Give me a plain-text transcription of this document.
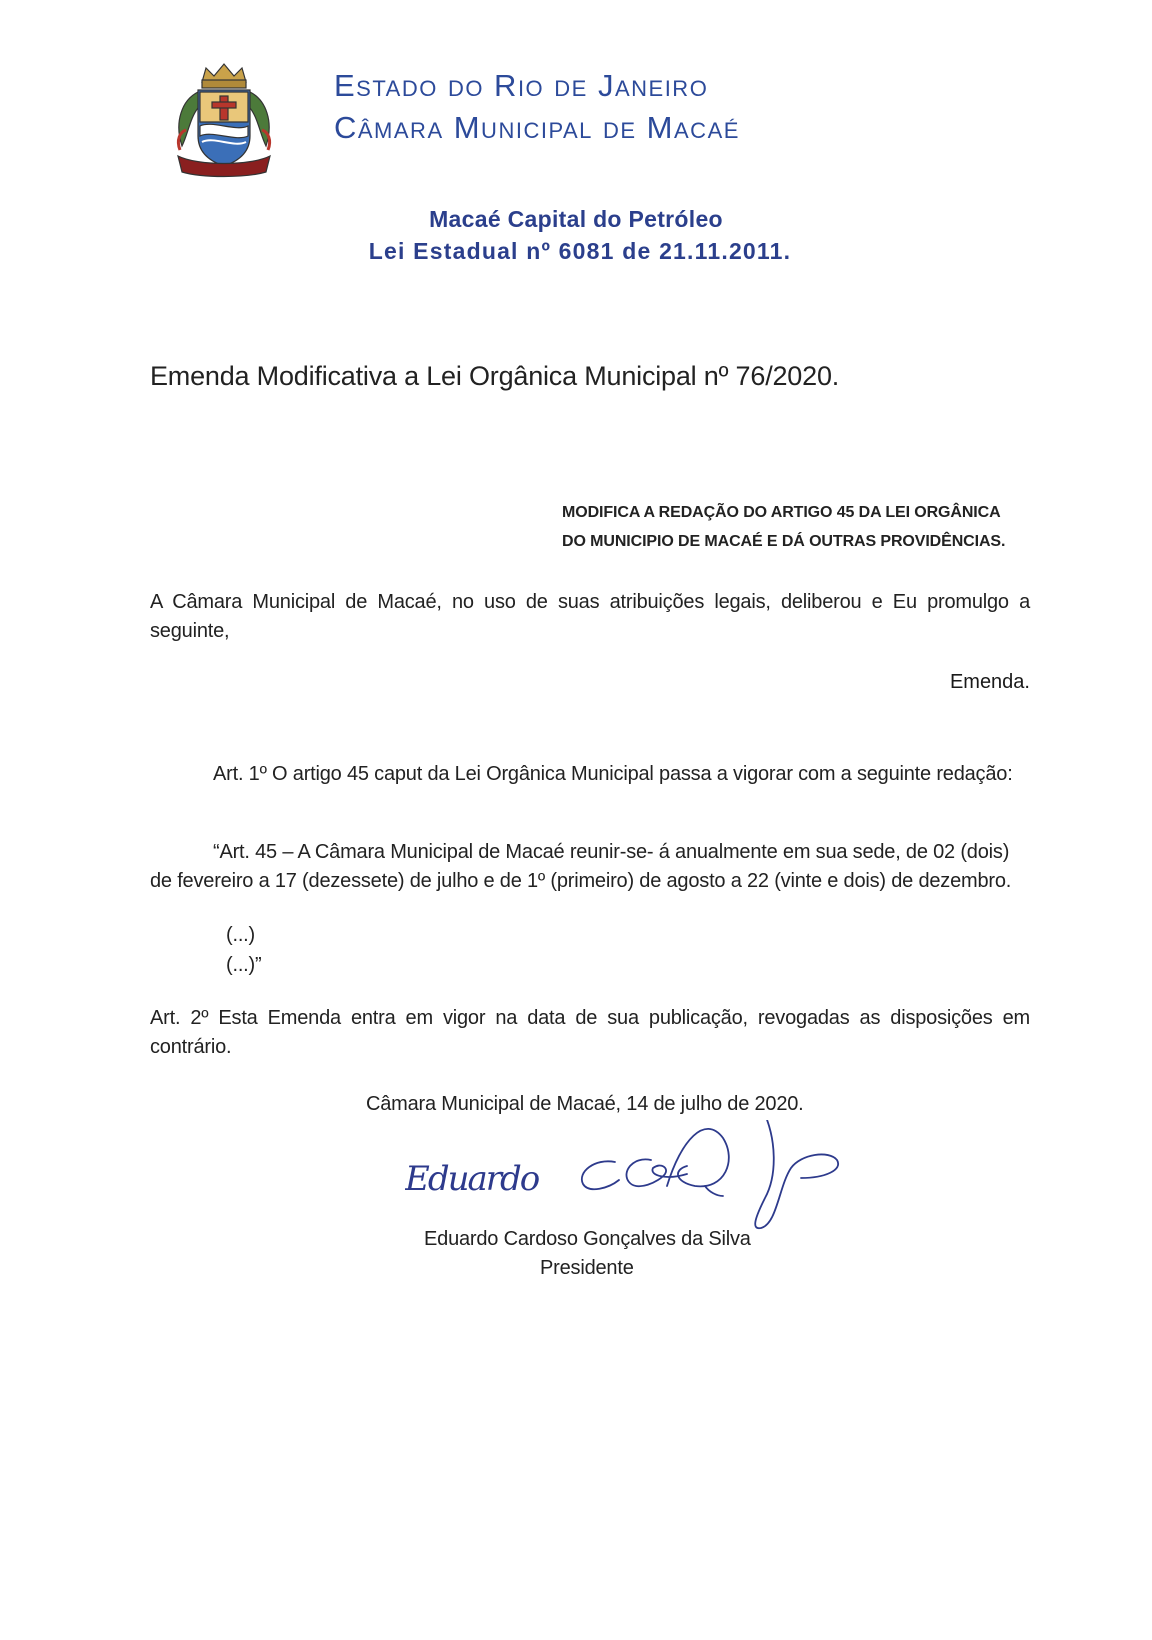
Estado do Rio de Janeiro
Câmara Municipal de Macaé
Macaé Capital do Petróleo
Lei Estadual nº 6081 de 21.11.2011.
Emenda Modificativa a Lei Orgânica Municipal nº 76/2020.
MODIFICA A REDAÇÃO DO ARTIGO 45 DA LEI ORGÂNICA
DO MUNICIPIO DE MACAÉ E DÁ OUTRAS PROVIDÊNCIAS.
A Câmara Municipal de Macaé, no uso de suas atribuições legais, deliberou e Eu promulgo a seguinte,
Emenda.
Art. 1º O artigo 45 caput da Lei Orgânica Municipal passa a vigorar com a seguinte redação:
“Art. 45 – A Câmara Municipal de Macaé reunir-se- á anualmente em sua sede, de 02 (dois)
de fevereiro a 17 (dezessete) de julho e de 1º (primeiro) de agosto a 22 (vinte e dois) de dezembro.
(...)
(...)”
Art. 2º Esta Emenda entra em vigor na data de sua publicação, revogadas as disposições em contrário.
Câmara Municipal de Macaé, 14 de julho de 2020.
Eduardo
Eduardo Cardoso Gonçalves da Silva
Presidente
